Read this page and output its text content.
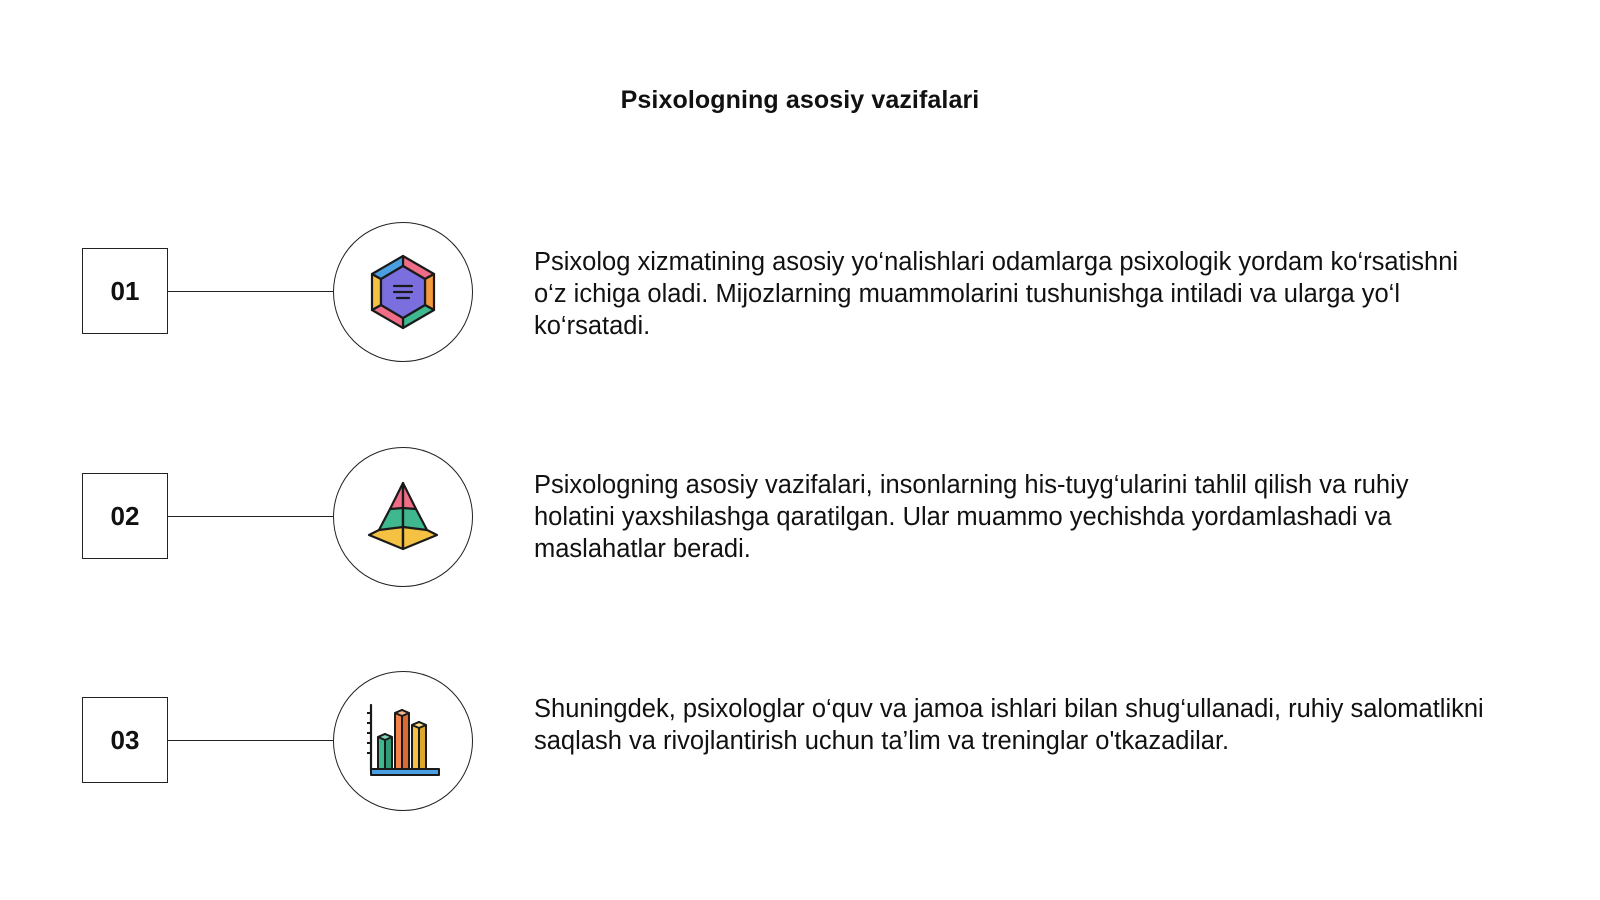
Psixologning asosiy vazifalari
01
Psixolog xizmatining asosiy yo‘nalishlari odamlarga psixologik yordam ko‘rsatishni o‘z ichiga oladi. Mijozlarning muammolarini tushunishga intiladi va ularga yo‘l ko‘rsatadi.
02
Psixologning asosiy vazifalari, insonlarning his-tuyg‘ularini tahlil qilish va ruhiy holatini yaxshilashga qaratilgan. Ular muammo yechishda yordamlashadi va maslahatlar beradi.
03
Shuningdek, psixologlar o‘quv va jamoa ishlari bilan shug‘ullanadi, ruhiy salomatlikni saqlash va rivojlantirish uchun ta’lim va treninglar o'tkazadilar.
